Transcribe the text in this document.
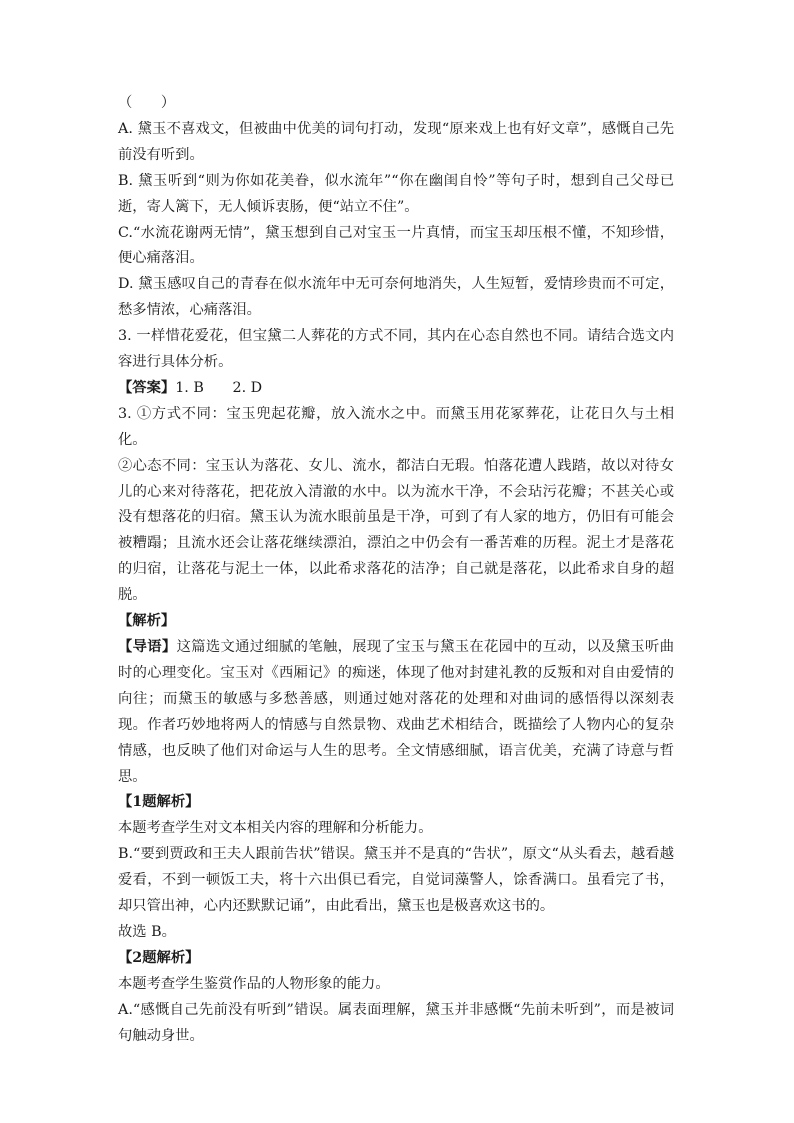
（　　）

A. 黛玉不喜戏文，但被曲中优美的词句打动，发现“原来戏上也有好文章”，感慨自己先前没有听到。

B. 黛玉听到“则为你如花美眷，似水流年”“你在幽闺自怜”等句子时，想到自己父母已逝，寄人篱下，无人倾诉衷肠，便“站立不住”。

C.“水流花谢两无情”，黛玉想到自己对宝玉一片真情，而宝玉却压根不懂，不知珍惜，便心痛落泪。

D. 黛玉感叹自己的青春在似水流年中无可奈何地消失，人生短暂，爱情珍贵而不可定，愁多情浓，心痛落泪。

3. 一样惜花爱花，但宝黛二人葬花的方式不同，其内在心态自然也不同。请结合选文内容进行具体分析。

【答案】1. B　　2. D

3. ①方式不同：宝玉兜起花瓣，放入流水之中。而黛玉用花冢葬花，让花日久与土相化。

②心态不同：宝玉认为落花、女儿、流水，都洁白无瑕。怕落花遭人践踏，故以对待女儿的心来对待落花，把花放入清澈的水中。以为流水干净，不会玷污花瓣；不甚关心或没有想落花的归宿。黛玉认为流水眼前虽是干净，可到了有人家的地方，仍旧有可能会被糟蹋；且流水还会让落花继续漂泊，漂泊之中仍会有一番苦难的历程。泥土才是落花的归宿，让落花与泥土一体，以此希求落花的洁净；自己就是落花，以此希求自身的超脱。

【解析】

【导语】这篇选文通过细腻的笔触，展现了宝玉与黛玉在花园中的互动，以及黛玉听曲时的心理变化。宝玉对《西厢记》的痴迷，体现了他对封建礼教的反叛和对自由爱情的向往；而黛玉的敏感与多愁善感，则通过她对落花的处理和对曲词的感悟得以深刻表现。作者巧妙地将两人的情感与自然景物、戏曲艺术相结合，既描绘了人物内心的复杂情感，也反映了他们对命运与人生的思考。全文情感细腻，语言优美，充满了诗意与哲思。

【1题解析】

本题考查学生对文本相关内容的理解和分析能力。

B.“要到贾政和王夫人跟前告状”错误。黛玉并不是真的“告状”，原文“从头看去，越看越爱看，不到一顿饭工夫，将十六出俱已看完，自觉词藻警人，馀香满口。虽看完了书，却只管出神，心内还默默记诵”，由此看出，黛玉也是极喜欢这书的。

故选 B。

【2题解析】

本题考查学生鉴赏作品的人物形象的能力。

A.“感慨自己先前没有听到”错误。属表面理解，黛玉并非感慨“先前未听到”，而是被词句触动身世。
